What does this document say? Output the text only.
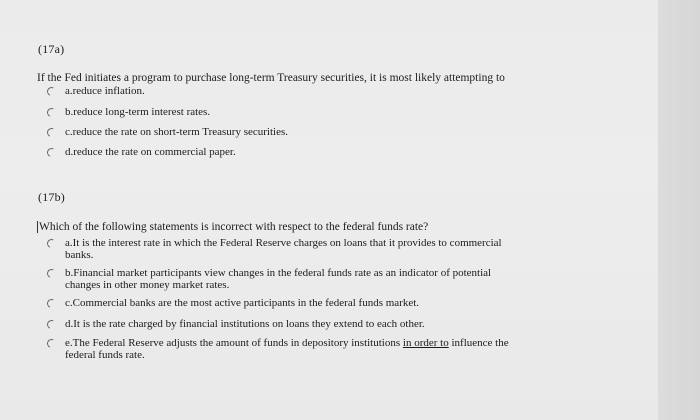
(17a)
If the Fed initiates a program to purchase long-term Treasury securities, it is most likely attempting to
a.reduce inflation.
b.reduce long-term interest rates.
c.reduce the rate on short-term Treasury securities.
d.reduce the rate on commercial paper.
(17b)
Which of the following statements is incorrect with respect to the federal funds rate?
a.It is the interest rate in which the Federal Reserve charges on loans that it provides to commercial
banks.
b.Financial market participants view changes in the federal funds rate as an indicator of potential
changes in other money market rates.
c.Commercial banks are the most active participants in the federal funds market.
d.It is the rate charged by financial institutions on loans they extend to each other.
e.The Federal Reserve adjusts the amount of funds in depository institutions in order to influence the
federal funds rate.
